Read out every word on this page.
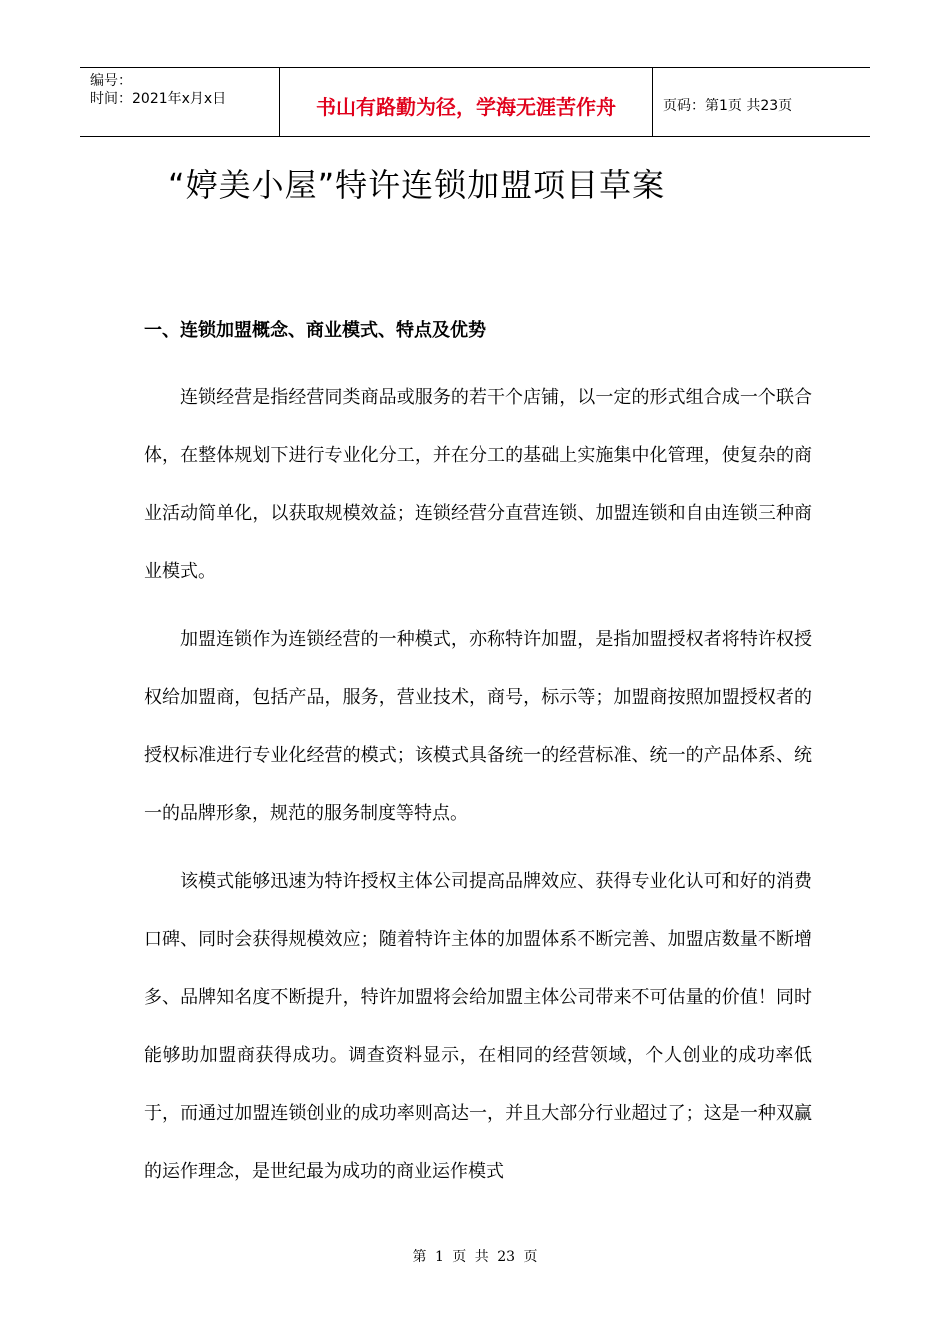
编号：
时间：2021年x月x日	书山有路勤为径，学海无涯苦作舟	页码：第1页 共23页
“婷美小屋”特许连锁加盟项目草案
一、连锁加盟概念、商业模式、特点及优势

连锁经营是指经营同类商品或服务的若干个店铺，以一定的形式组合成一个联合体，在整体规划下进行专业化分工，并在分工的基础上实施集中化管理，使复杂的商业活动简单化，以获取规模效益；连锁经营分直营连锁、加盟连锁和自由连锁三种商业模式。

加盟连锁作为连锁经营的一种模式，亦称特许加盟，是指加盟授权者将特许权授权给加盟商，包括产品，服务，营业技术，商号，标示等；加盟商按照加盟授权者的授权标准进行专业化经营的模式；该模式具备统一的经营标准、统一的产品体系、统一的品牌形象，规范的服务制度等特点。

该模式能够迅速为特许授权主体公司提高品牌效应、获得专业化认可和好的消费口碑、同时会获得规模效应；随着特许主体的加盟体系不断完善、加盟店数量不断增多、品牌知名度不断提升，特许加盟将会给加盟主体公司带来不可估量的价值！同时能够助加盟商获得成功。调查资料显示，在相同的经营领域，个人创业的成功率低于，而通过加盟连锁创业的成功率则高达一，并且大部分行业超过了；这是一种双赢的运作理念，是世纪最为成功的商业运作模式

第 1 页 共 23 页
